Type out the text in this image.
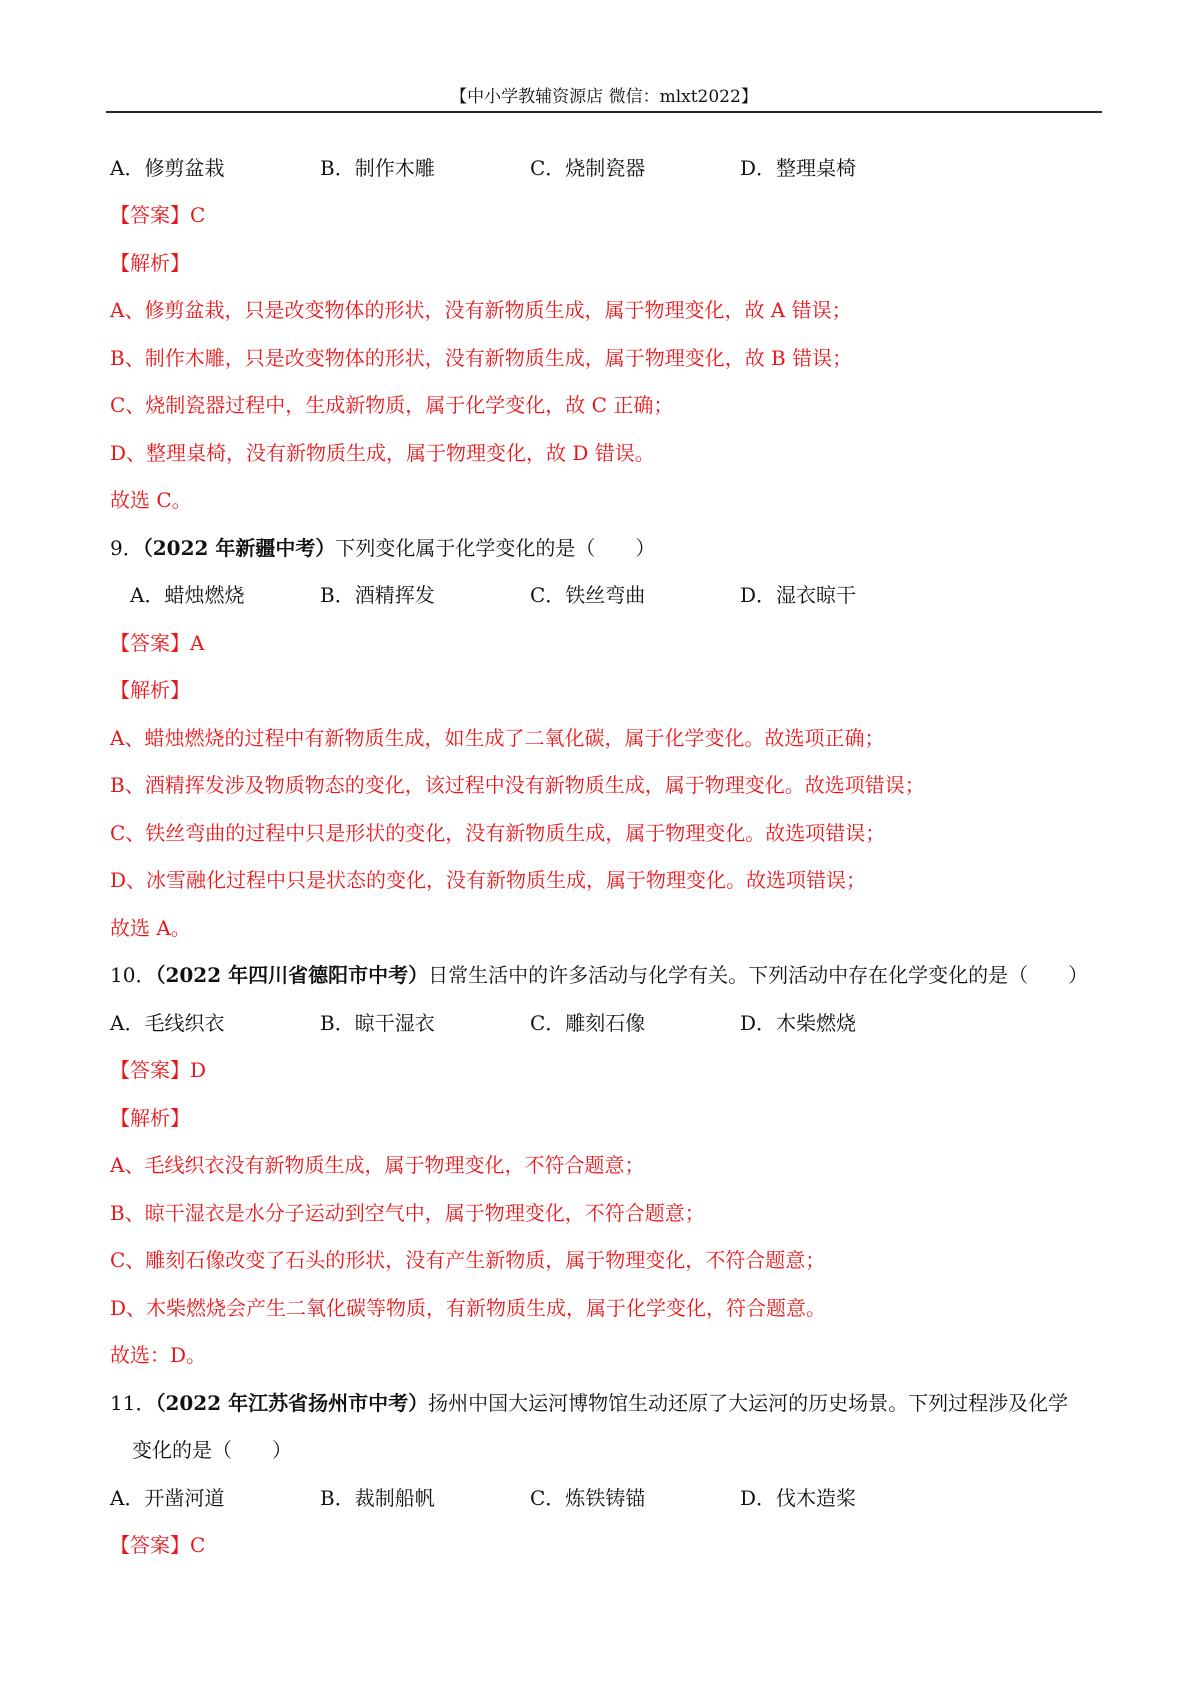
【中小学教辅资源店 微信：mlxt2022】
A．修剪盆栽	B．制作木雕	C．烧制瓷器	D．整理桌椅
【答案】C
【解析】
A、修剪盆栽，只是改变物体的形状，没有新物质生成，属于物理变化，故 A 错误；
B、制作木雕，只是改变物体的形状，没有新物质生成，属于物理变化，故 B 错误；
C、烧制瓷器过程中，生成新物质，属于化学变化，故 C 正确；
D、整理桌椅，没有新物质生成，属于物理变化，故 D 错误。
故选 C。
9．（2022 年新疆中考）下列变化属于化学变化的是（　　）
A．蜡烛燃烧	B．酒精挥发	C．铁丝弯曲	D．湿衣晾干
【答案】A
【解析】
A、蜡烛燃烧的过程中有新物质生成，如生成了二氧化碳，属于化学变化。故选项正确；
B、酒精挥发涉及物质物态的变化，该过程中没有新物质生成，属于物理变化。故选项错误；
C、铁丝弯曲的过程中只是形状的变化，没有新物质生成，属于物理变化。故选项错误；
D、冰雪融化过程中只是状态的变化，没有新物质生成，属于物理变化。故选项错误；
故选 A。
10．（2022 年四川省德阳市中考）日常生活中的许多活动与化学有关。下列活动中存在化学变化的是（　　）
A．毛线织衣	B．晾干湿衣	C．雕刻石像	D．木柴燃烧
【答案】D
【解析】
A、毛线织衣没有新物质生成，属于物理变化，不符合题意；
B、晾干湿衣是水分子运动到空气中，属于物理变化，不符合题意；
C、雕刻石像改变了石头的形状，没有产生新物质，属于物理变化，不符合题意；
D、木柴燃烧会产生二氧化碳等物质，有新物质生成，属于化学变化，符合题意。
故选：D。
11．（2022 年江苏省扬州市中考）扬州中国大运河博物馆生动还原了大运河的历史场景。下列过程涉及化学
变化的是（　　）
A．开凿河道	B．裁制船帆	C．炼铁铸锚	D．伐木造桨
【答案】C
